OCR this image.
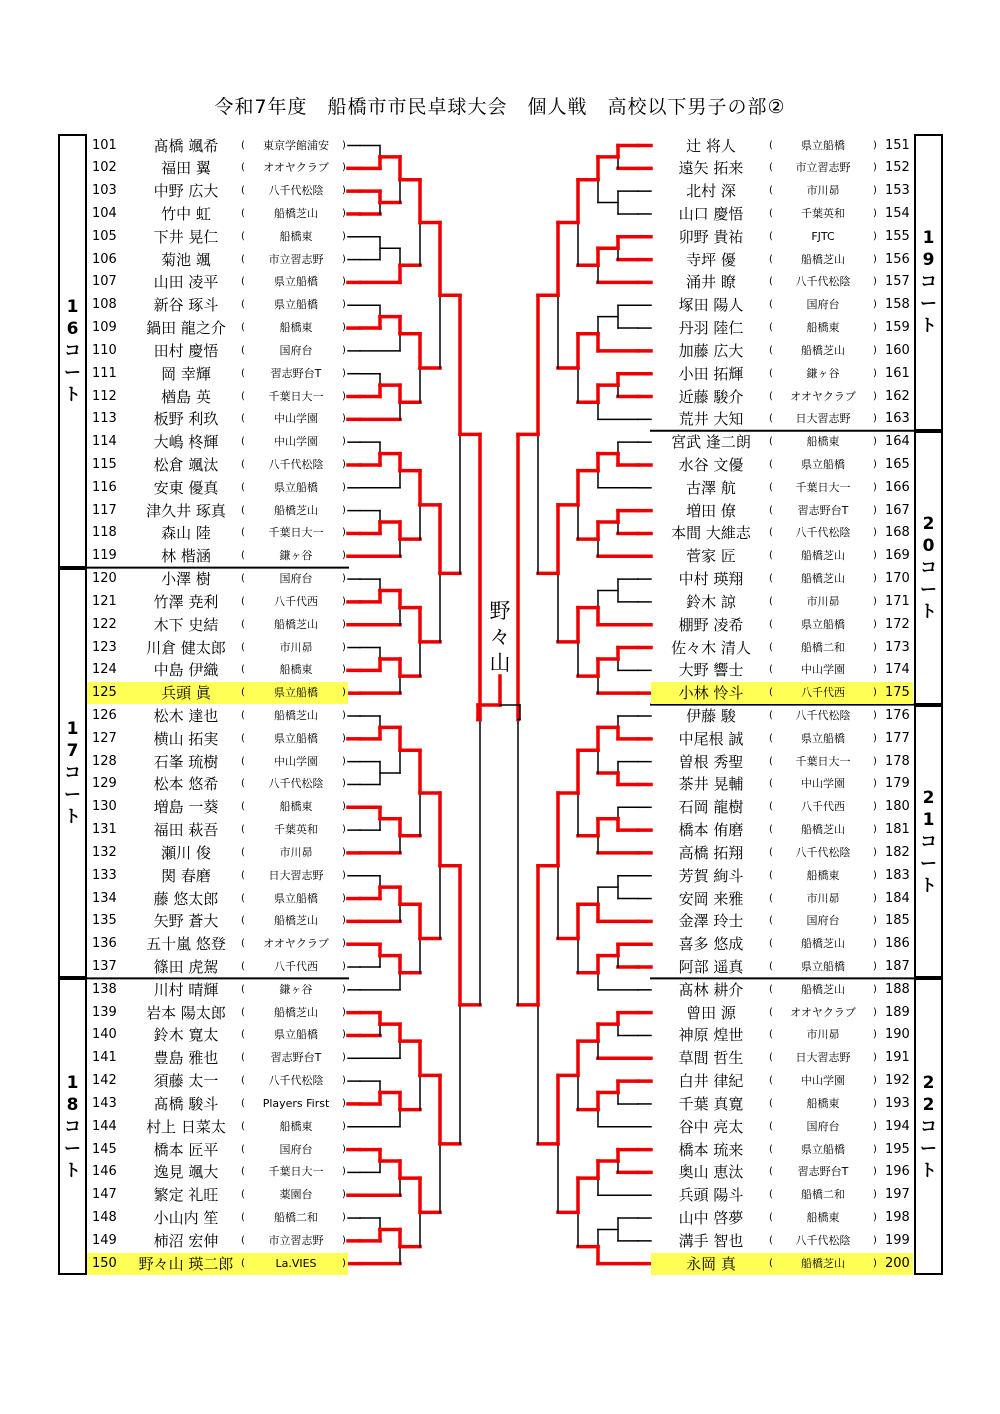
令和7年度　船橋市市民卓球大会　個人戦　高校以下男子の部②
101	髙橋 颯希	(	東京学館浦安	)
102	福田 翼	(	オオヤクラブ	)
103	中野 広大	(	八千代松陰	)
104	竹中 虹	(	船橋芝山	)
105	下井 晃仁	(	船橋東	)
106	菊池 颯	(	市立習志野	)
107	山田 凌平	(	県立船橋	)
108	新谷 琢斗	(	県立船橋	)
109	鍋田 龍之介	(	船橋東	)
110	田村 慶悟	(	国府台	)
111	岡 幸輝	(	習志野台T	)
112	楢島 英	(	千葉日大一	)
113	板野 利玖	(	中山学園	)
114	大嶋 柊輝	(	中山学園	)
115	松倉 颯汰	(	八千代松陰	)
116	安東 優真	(	県立船橋	)
117	津久井 琢真	(	船橋芝山	)
118	森山 陸	(	千葉日大一	)
119	林 楷涵	(	鎌ヶ谷	)
120	小澤 樹	(	国府台	)
121	竹澤 尭利	(	八千代西	)
122	木下 史結	(	船橋芝山	)
123	川倉 健太郎	(	市川昴	)
124	中島 伊織	(	船橋東	)
125	兵頭 眞	(	県立船橋	)
126	松木 達也	(	船橋芝山	)
127	横山 拓実	(	県立船橋	)
128	石峯 琉樹	(	中山学園	)
129	松本 悠希	(	八千代松陰	)
130	増島 一葵	(	船橋東	)
131	福田 萩吾	(	千葉英和	)
132	瀬川 俊	(	市川昴	)
133	関 春磨	(	日大習志野	)
134	藤 悠太郎	(	県立船橋	)
135	矢野 蒼大	(	船橋芝山	)
136	五十嵐 悠登	(	オオヤクラブ	)
137	篠田 虎駕	(	八千代西	)
138	川村 晴輝	(	鎌ヶ谷	)
139	岩本 陽太郎	(	船橋芝山	)
140	鈴木 寛太	(	県立船橋	)
141	豊島 雅也	(	習志野台T	)
142	須藤 太一	(	八千代松陰	)
143	髙橋 駿斗	(	Players First	)
144	村上 日菜太	(	船橋東	)
145	橋本 匠平	(	国府台	)
146	逸見 颯大	(	千葉日大一	)
147	繁定 礼旺	(	薬園台	)
148	小山内 笙	(	船橋二和	)
149	柿沼 宏伸	(	市立習志野	)
150	野々山 瑛二郎 (	La.VIES	)
辻 将人	(	県立船橋	) 151
遠矢 拓来	(	市立習志野	) 152
北村 深	(	市川昴	) 153
山口 慶悟	(	千葉英和	) 154
卯野 貴祐	(	FJTC	) 155
寺坪 優	(	船橋芝山	) 156
涌井 瞭	(	八千代松陰	) 157
塚田 陽人	(	国府台	) 158
丹羽 陸仁	(	船橋東	) 159
加藤 広大	(	船橋芝山	) 160
小田 拓輝	(	鎌ヶ谷	) 161
近藤 駿介	(	オオヤクラブ	) 162
荒井 大知	(	日大習志野	) 163
宮武 逢二朗	(	船橋東	) 164
水谷 文優	(	県立船橋	) 165
古澤 航	(	千葉日大一	) 166
増田 僚	(	習志野台T	) 167
本間 大維志	(	八千代松陰	) 168
菅家 匠	(	船橋芝山	) 169
中村 瑛翔	(	船橋芝山	) 170
鈴木 諒	(	市川昴	) 171
棚野 凌希	(	県立船橋	) 172
佐々木 清人	(	船橋二和	) 173
大野 響士	(	中山学園	) 174
小林 怜斗	(	八千代西	) 175
伊藤 駿	(	八千代松陰	) 176
中尾根 誠	(	県立船橋	) 177
曽根 秀聖	(	千葉日大一	) 178
茶井 晃輔	(	中山学園	) 179
石岡 龍樹	(	八千代西	) 180
橋本 侑磨	(	船橋芝山	) 181
高橋 拓翔	(	八千代松陰	) 182
芳賀 絢斗	(	船橋東	) 183
安岡 来雅	(	市川昴	) 184
金澤 玲士	(	国府台	) 185
喜多 悠成	(	船橋芝山	) 186
阿部 遥真	(	県立船橋	) 187
髙林 耕介	(	船橋芝山	) 188
曾田 源	(	オオヤクラブ	) 189
神原 煌世	(	市川昴	) 190
草間 哲生	(	日大習志野	) 191
白井 律紀	(	中山学園	) 192
千葉 真寛	(	船橋東	) 193
谷中 亮太	(	国府台	) 194
橋本 琉来	(	県立船橋	) 195
奥山 恵汰	(	習志野台T	) 196
兵頭 陽斗	(	船橋二和	) 197
山中 啓夢	(	船橋東	) 198
溝手 智也	(	八千代松陰	) 199
永岡 真	(	船橋芝山	) 200
1
6
コ
ー
ト
1
7
コ
ー
ト
1
8
コ
ー
ト
1
9
コ
ー
ト
2
0
コ
ー
ト
2
1
コ
ー
ト
2
2
コ
ー
ト
野
々
山
